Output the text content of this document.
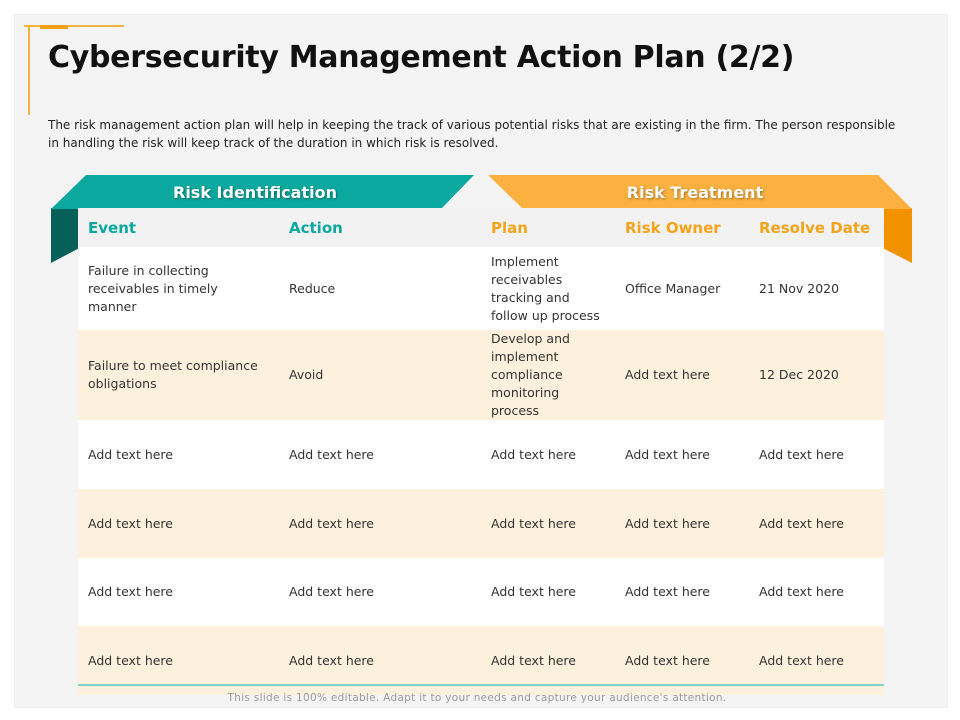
Cybersecurity Management Action Plan (2/2)

The risk management action plan will help in keeping the track of various potential risks that are existing in the firm. The person responsible in handling the risk will keep track of the duration in which risk is resolved.

Risk Identification	Risk Treatment
Event	Action	Plan	Risk Owner	Resolve Date
Failure in collecting receivables in timely manner	Reduce	Implement receivables tracking and follow up process	Office Manager	21 Nov 2020
Failure to meet compliance obligations	Avoid	Develop and implement compliance monitoring process	Add text here	12 Dec 2020
Add text here	Add text here	Add text here	Add text here	Add text here
Add text here	Add text here	Add text here	Add text here	Add text here
Add text here	Add text here	Add text here	Add text here	Add text here
Add text here	Add text here	Add text here	Add text here	Add text here
This slide is 100% editable. Adapt it to your needs and capture your audience's attention.
